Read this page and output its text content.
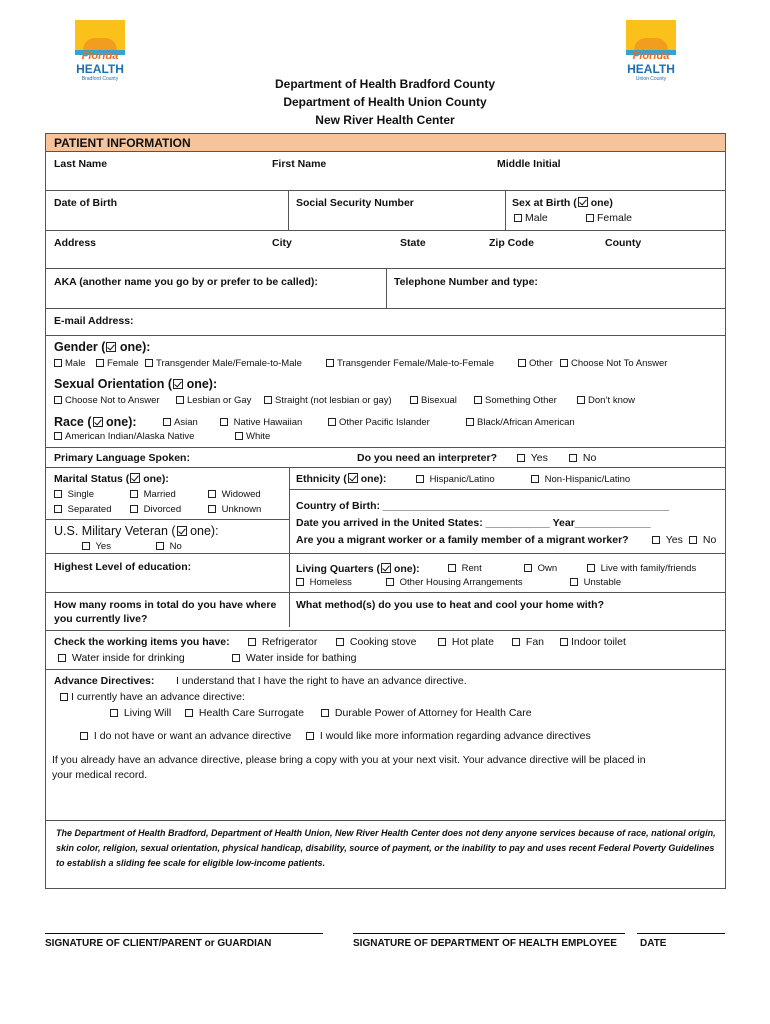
Florida
HEALTH
Bradford County
Florida
HEALTH
Union County
Department of Health Bradford County
Department of Health Union County
New River Health Center
PATIENT INFORMATION
Last Name	First Name	Middle Initial
Date of Birth	Social Security Number	Sex at Birth ( one)
Male	Female
Address	City	State	Zip Code	County
AKA (another name you go by or prefer to be called):	Telephone Number and type:
E-mail Address:
Gender ( one):
Male	Female	Transgender Male/Female-to-Male	Transgender Female/Male-to-Female	Other	Choose Not To Answer
Sexual Orientation ( one):
Choose Not to Answer	Lesbian or Gay	Straight (not lesbian or gay)	Bisexual	Something Other	Don’t know
Race ( one):	Asian	Native Hawaiian	Other Pacific Islander	Black/African American
American Indian/Alaska Native	White
Primary Language Spoken:	Do you need an interpreter?	Yes	No
Marital Status ( one):
Single	Married	Widowed
Separated	Divorced	Unknown
Ethnicity ( one):	Hispanic/Latino	Non-Hispanic/Latino
Country of Birth: _________________________________________________
Date you arrived in the United States: ___________ Year_____________
Are you a migrant worker or a family member of a migrant worker?	Yes	No
U.S. Military Veteran ( one):
Yes	No
Highest Level of education:	Living Quarters ( one):	Rent	Own	Live with family/friends
Homeless	Other Housing Arrangements	Unstable
How many rooms in total do you have where
you currently live?
What method(s) do you use to heat and cool your home with?
Check the working items you have:	Refrigerator	Cooking stove	Hot plate	Fan	Indoor toilet
Water inside for drinking	Water inside for bathing
Advance Directives: I understand that I have the right to have an advance directive.
I currently have an advance directive:
Living Will	Health Care Surrogate	Durable Power of Attorney for Health Care
I do not have or want an advance directive	I would like more information regarding advance directives
If you already have an advance directive, please bring a copy with you at your next visit. Your advance directive will be placed in
your medical record.
The Department of Health Bradford, Department of Health Union, New River Health Center does not deny anyone services because of race, national origin, skin color, religion, sexual orientation, physical handicap, disability, source of payment, or the inability to pay and uses recent Federal Poverty Guidelines to establish a sliding fee scale for eligible low-income patients.
SIGNATURE OF CLIENT/PARENT or GUARDIAN	SIGNATURE OF DEPARTMENT OF HEALTH EMPLOYEE DATE
